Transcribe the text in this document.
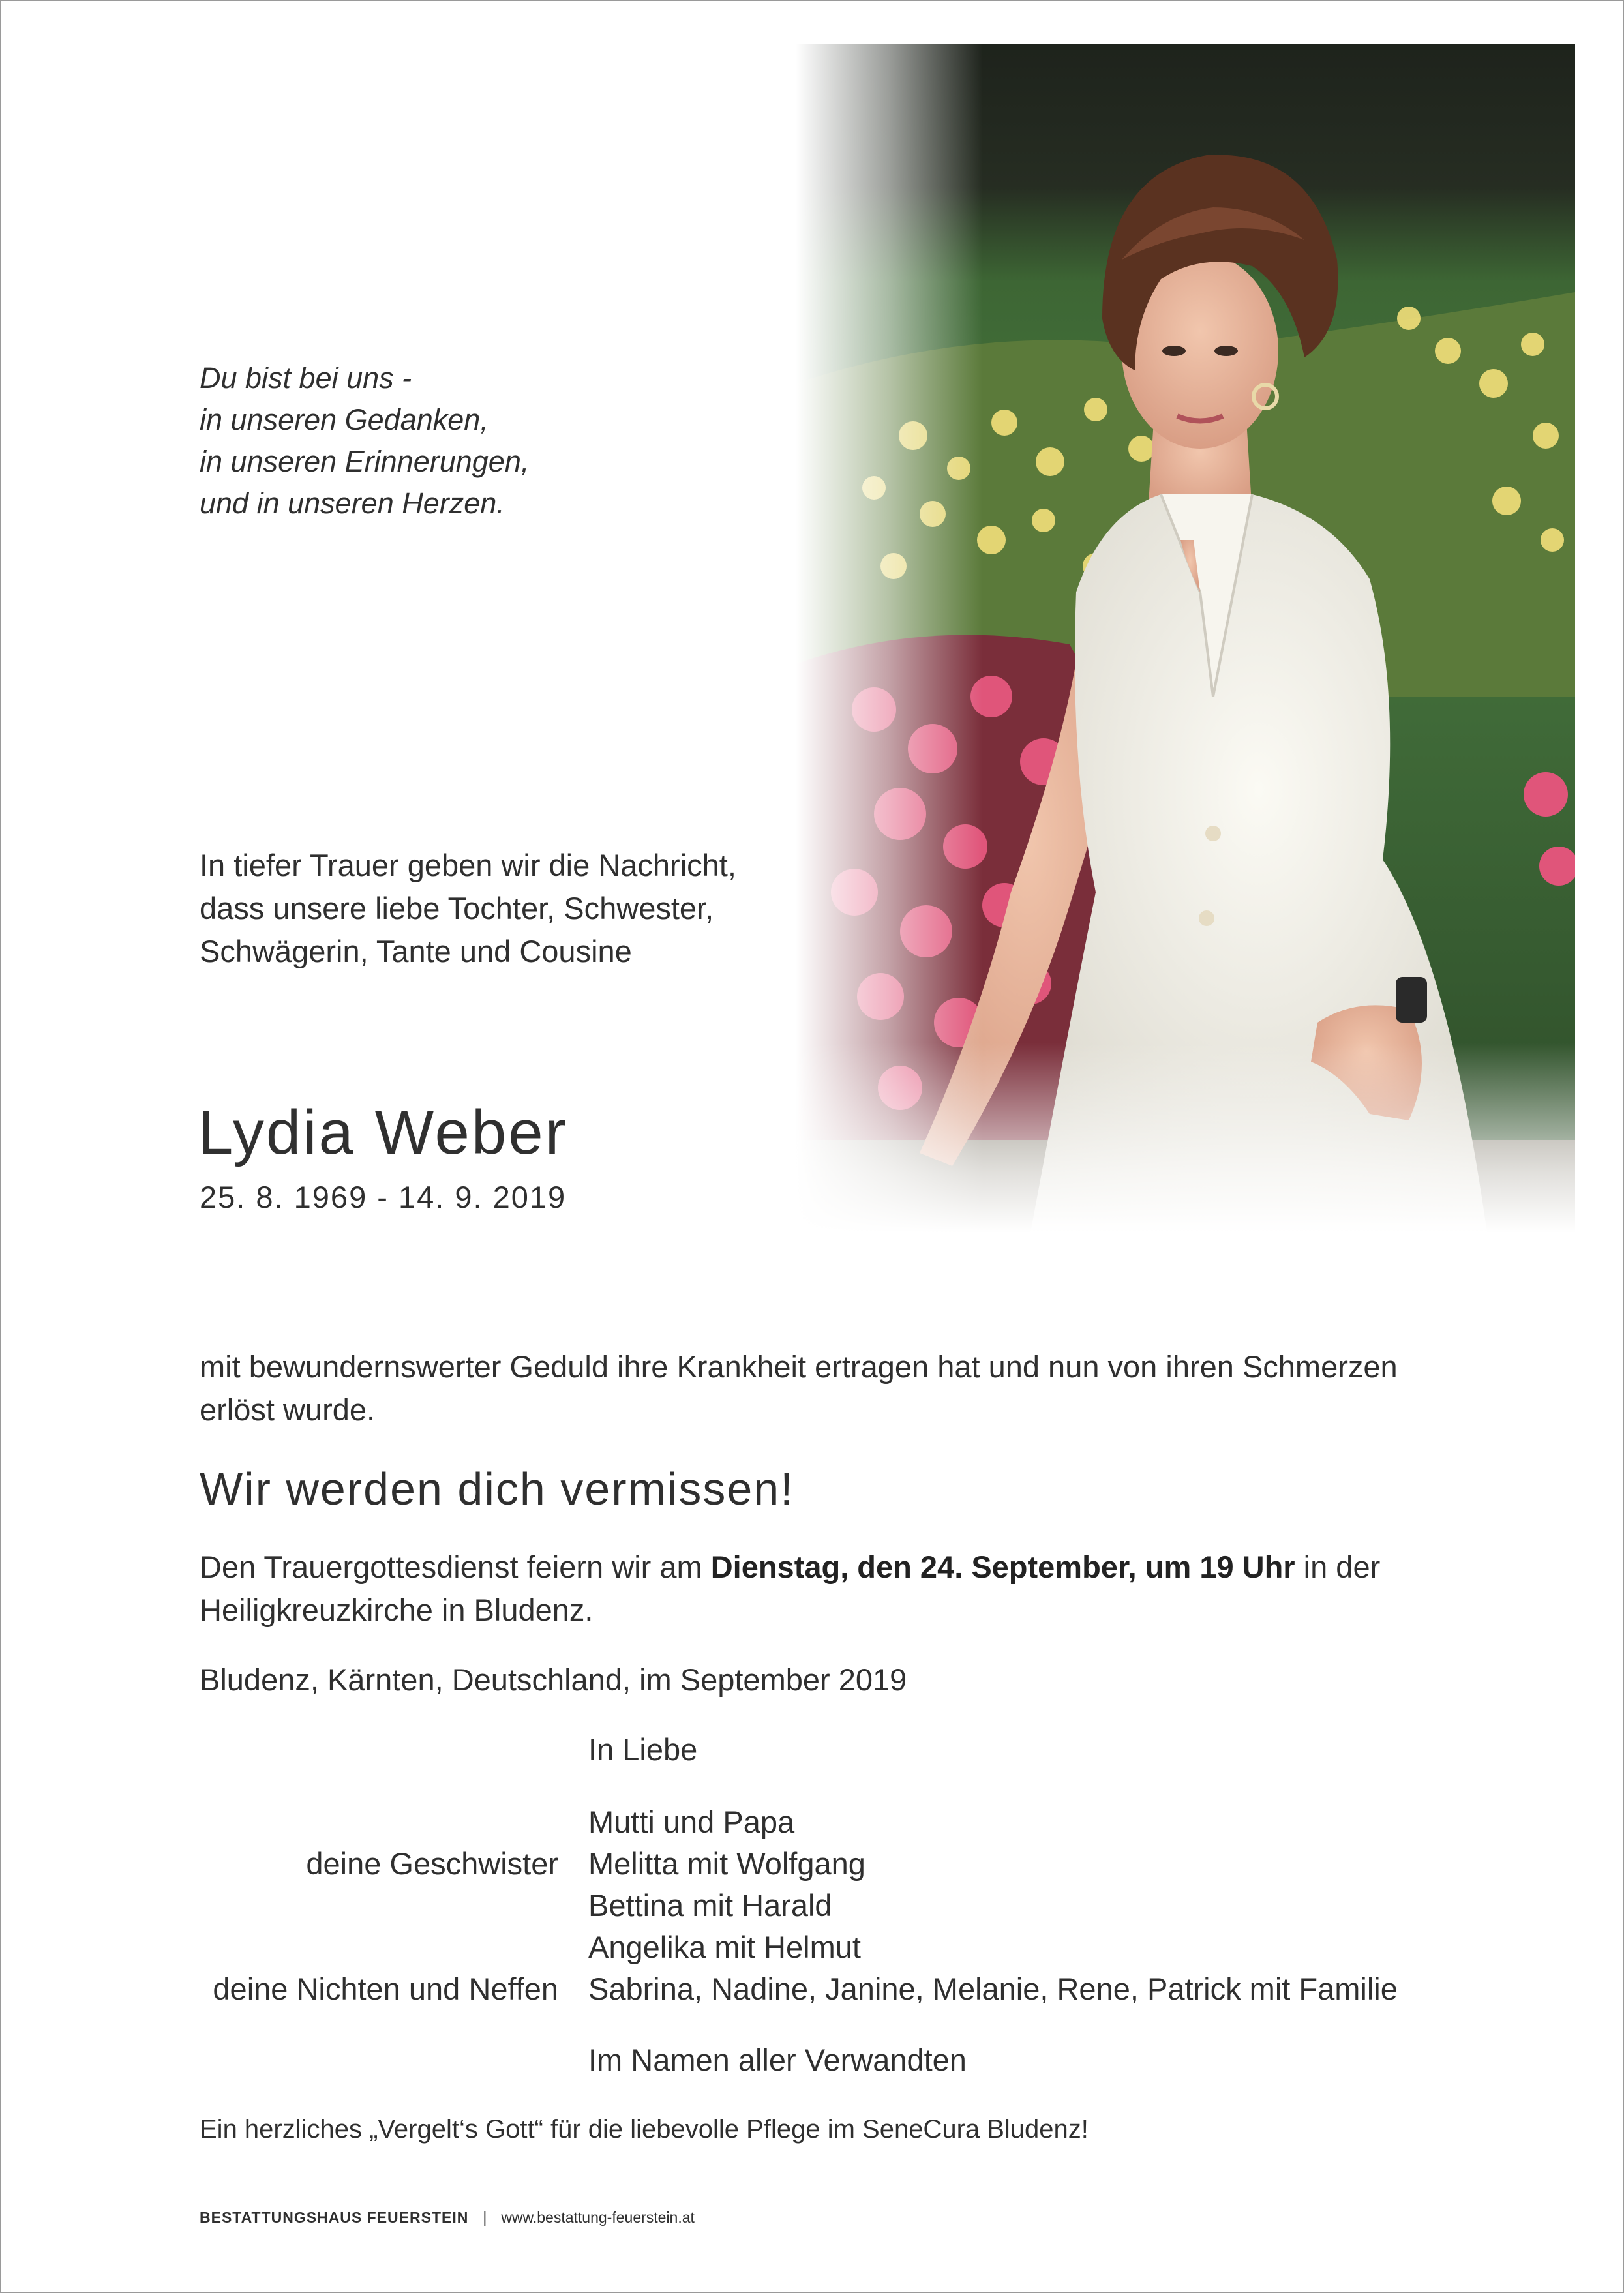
Du bist bei uns -
in unseren Gedanken,
in unseren Erinnerungen,
und in unseren Herzen.
In tiefer Trauer geben wir die Nachricht,
dass unsere liebe Tochter, Schwester,
Schwägerin, Tante und Cousine
Lydia Weber
25. 8. 1969 - 14. 9. 2019
mit bewundernswerter Geduld ihre Krankheit ertragen hat und nun von ihren Schmerzen
erlöst wurde.
Wir werden dich vermissen!
Den Trauergottesdienst feiern wir am Dienstag, den 24. September, um 19 Uhr in der
Heiligkreuzkirche in Bludenz.
Bludenz, Kärnten, Deutschland, im September 2019
In Liebe
Mutti und Papa
deine Geschwister Melitta mit Wolfgang
Bettina mit Harald
Angelika mit Helmut
deine Nichten und Neffen Sabrina, Nadine, Janine, Melanie, Rene, Patrick mit Familie
Im Namen aller Verwandten
Ein herzliches „Vergelt‘s Gott“ für die liebevolle Pflege im SeneCura Bludenz!
BESTATTUNGSHAUS FEUERSTEIN | www.bestattung-feuerstein.at
